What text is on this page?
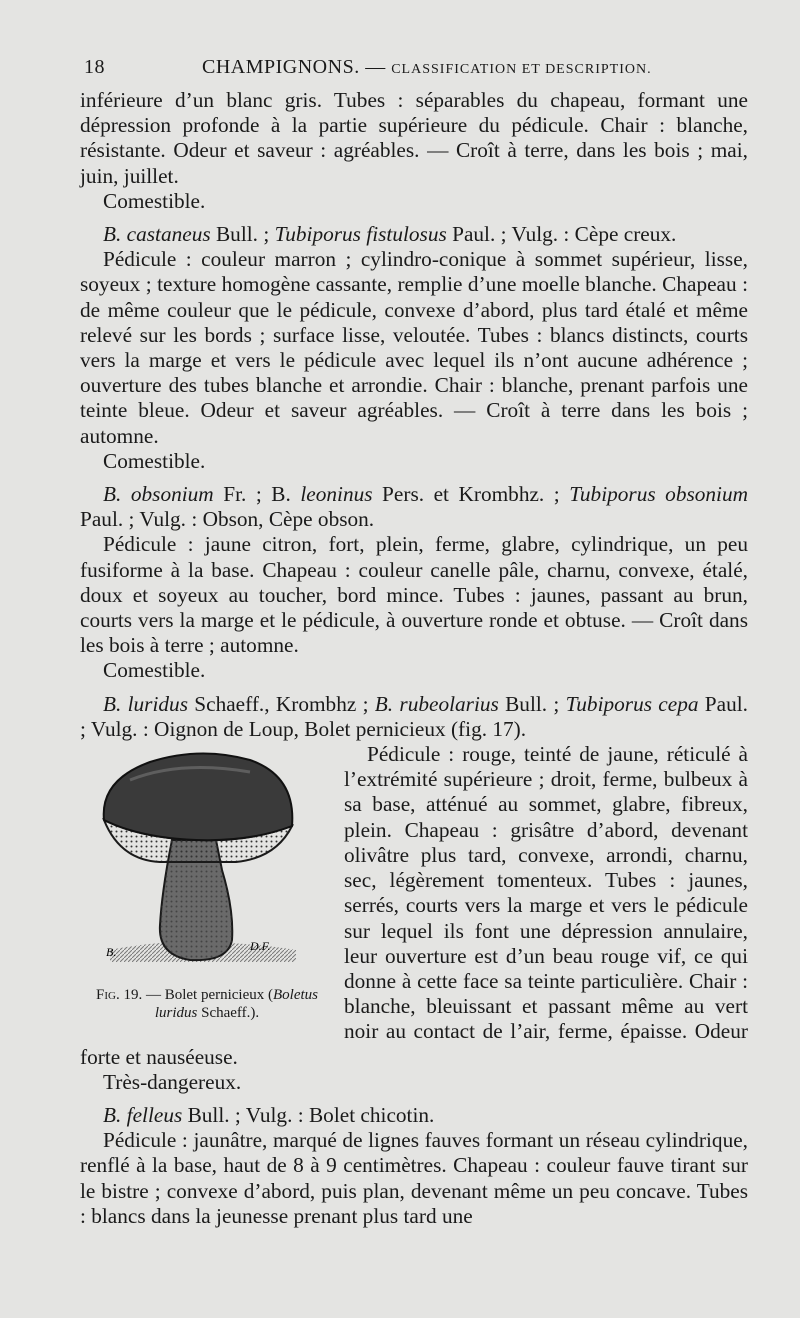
18	CHAMPIGNONS. — CLASSIFICATION ET DESCRIPTION.

inférieure d’un blanc gris. Tubes : séparables du chapeau, formant une dépression profonde à la partie supérieure du pédicule. Chair : blanche, résistante. Odeur et saveur : agréables. — Croît à terre, dans les bois ; mai, juin, juillet.

Comestible.

B. castaneus Bull. ; Tubiporus fistulosus Paul. ; Vulg. : Cèpe creux.

Pédicule : couleur marron ; cylindro-conique à sommet supérieur, lisse, soyeux ; texture homogène cassante, remplie d’une moelle blanche. Chapeau : de même couleur que le pédicule, convexe d’abord, plus tard étalé et même relevé sur les bords ; surface lisse, veloutée. Tubes : blancs distincts, courts vers la marge et vers le pédicule avec lequel ils n’ont aucune adhérence ; ouverture des tubes blanche et arrondie. Chair : blanche, prenant parfois une teinte bleue. Odeur et saveur agréables. — Croît à terre dans les bois ; automne.

Comestible.

B. obsonium Fr. ; B. leoninus Pers. et Krombhz. ; Tubiporus obsonium Paul. ; Vulg. : Obson, Cèpe obson.

Pédicule : jaune citron, fort, plein, ferme, glabre, cylindrique, un peu fusiforme à la base. Chapeau : couleur canelle pâle, charnu, convexe, étalé, doux et soyeux au toucher, bord mince. Tubes : jaunes, passant au brun, courts vers la marge et le pédicule, à ouverture ronde et obtuse. — Croît dans les bois à terre ; automne.

Comestible.

B. luridus Schaeff., Krombhz ; B. rubeolarius Bull. ; Tubiporus cepa Paul. ; Vulg. : Oignon de Loup, Bolet pernicieux (fig. 17).

B.	D.F.
Fig. 19. — Bolet pernicieux (Boletus luridus Schaeff.).

Pédicule : rouge, teinté de jaune, réticulé à l’extrémité supérieure ; droit, ferme, bulbeux à sa base, atténué au sommet, glabre, fibreux, plein. Chapeau : grisâtre d’abord, devenant olivâtre plus tard, convexe, arrondi, charnu, sec, légèrement tomenteux. Tubes : jaunes, serrés, courts vers la marge et vers le pédicule sur lequel ils font une dépression annulaire, leur ouverture est d’un beau rouge vif, ce qui donne à cette face sa teinte particulière. Chair : blanche, bleuissant et passant même au vert noir au contact de l’air, ferme, épaisse. Odeur forte et nauséeuse.

Très-dangereux.

B. felleus Bull. ; Vulg. : Bolet chicotin.

Pédicule : jaunâtre, marqué de lignes fauves formant un réseau cylindrique, renflé à la base, haut de 8 à 9 centimètres. Chapeau : couleur fauve tirant sur le bistre ; convexe d’abord, puis plan, devenant même un peu concave. Tubes : blancs dans la jeunesse prenant plus tard une
